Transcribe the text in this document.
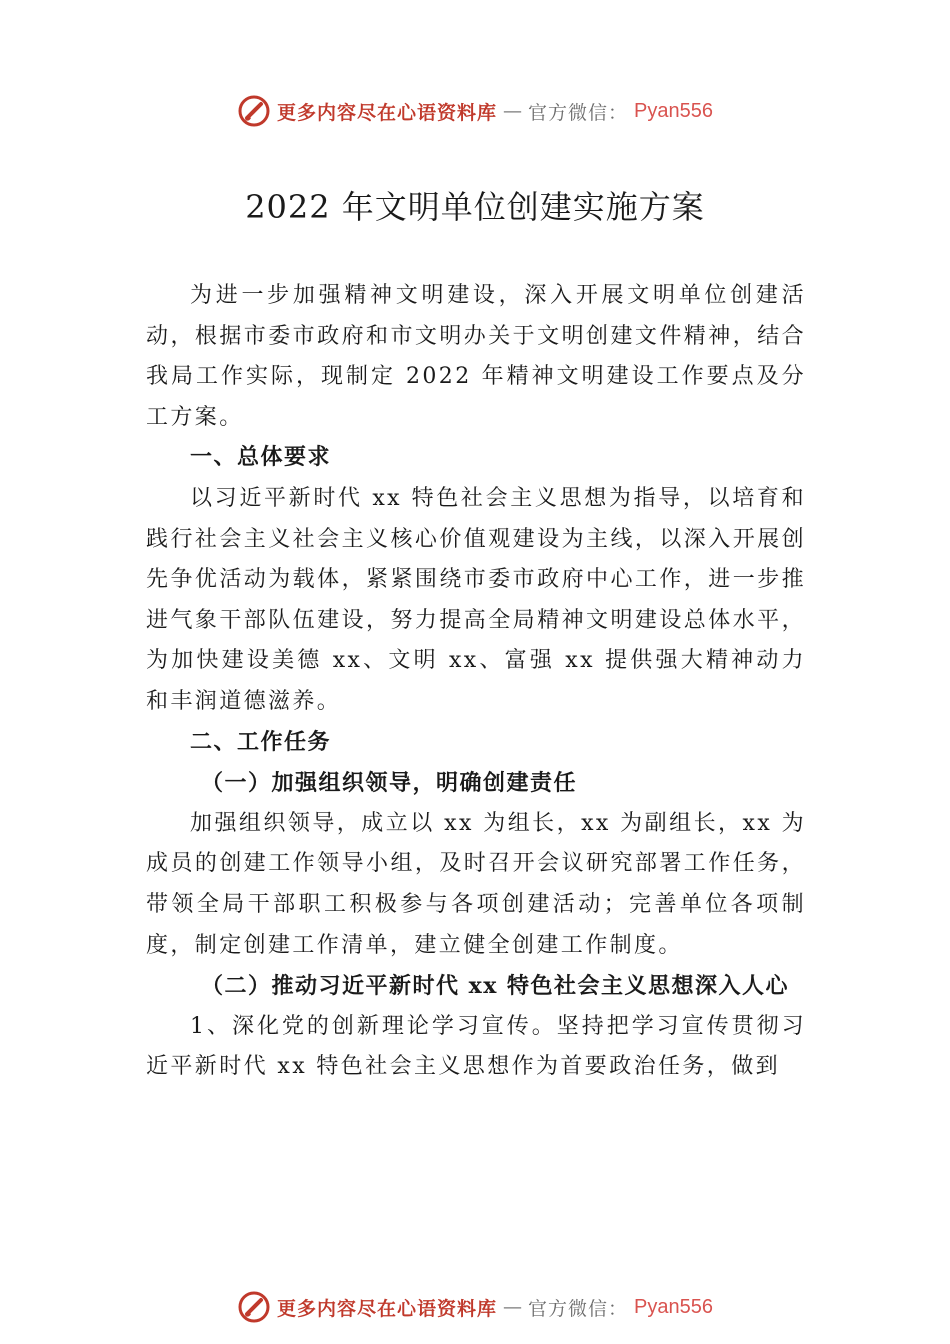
更多内容尽在心语资料库 — 官方微信： Pyan556
2022 年文明单位创建实施方案

为进一步加强精神文明建设，深入开展文明单位创建活动，根据市委市政府和市文明办关于文明创建文件精神，结合我局工作实际，现制定 2022 年精神文明建设工作要点及分工方案。

一、总体要求

以习近平新时代 xx 特色社会主义思想为指导，以培育和践行社会主义社会主义核心价值观建设为主线，以深入开展创先争优活动为载体，紧紧围绕市委市政府中心工作，进一步推进气象干部队伍建设，努力提高全局精神文明建设总体水平，为加快建设美德 xx、文明 xx、富强 xx 提供强大精神动力和丰润道德滋养。

二、工作任务

（一）加强组织领导，明确创建责任

加强组织领导，成立以 xx 为组长，xx 为副组长，xx 为成员的创建工作领导小组，及时召开会议研究部署工作任务，带领全局干部职工积极参与各项创建活动；完善单位各项制度，制定创建工作清单，建立健全创建工作制度。

（二）推动习近平新时代 xx 特色社会主义思想深入人心

1、深化党的创新理论学习宣传。坚持把学习宣传贯彻习近平新时代 xx 特色社会主义思想作为首要政治任务，做到

更多内容尽在心语资料库 — 官方微信： Pyan556
